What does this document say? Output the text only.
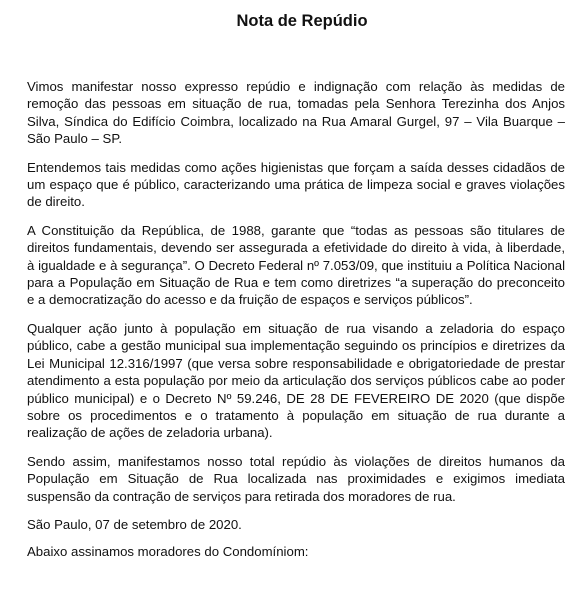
Nota de Repúdio

Vimos manifestar nosso expresso repúdio e indignação com relação às medidas de remoção das pessoas em situação de rua, tomadas pela Senhora Terezinha dos Anjos Silva, Síndica do Edifício Coimbra, localizado na Rua Amaral Gurgel, 97 – Vila Buarque – São Paulo – SP.

Entendemos tais medidas como ações higienistas que forçam a saída desses cidadãos de um espaço que é público, caracterizando uma prática de limpeza social e graves violações de direito.

A Constituição da República, de 1988, garante que “todas as pessoas são titulares de direitos fundamentais, devendo ser assegurada a efetividade do direito à vida, à liberdade, à igualdade e à segurança”. O Decreto Federal nº 7.053/09, que instituiu a Política Nacional para a População em Situação de Rua e tem como diretrizes “a superação do preconceito e a democratização do acesso e da fruição de espaços e serviços públicos”.

Qualquer ação junto à população em situação de rua visando a zeladoria do espaço público, cabe a gestão municipal sua implementação seguindo os princípios e diretrizes da Lei Municipal 12.316/1997 (que versa sobre responsabilidade e obrigatoriedade de prestar atendimento a esta população por meio da articulação dos serviços públicos cabe ao poder público municipal) e o Decreto Nº 59.246, DE 28 DE FEVEREIRO DE 2020 (que dispõe sobre os procedimentos e o tratamento à população em situação de rua durante a realização de ações de zeladoria urbana).

Sendo assim, manifestamos nosso total repúdio às violações de direitos humanos da População em Situação de Rua localizada nas proximidades e exigimos imediata suspensão da contração de serviços para retirada dos moradores de rua.

São Paulo, 07 de setembro de 2020.

Abaixo assinamos moradores do Condomíniom:
